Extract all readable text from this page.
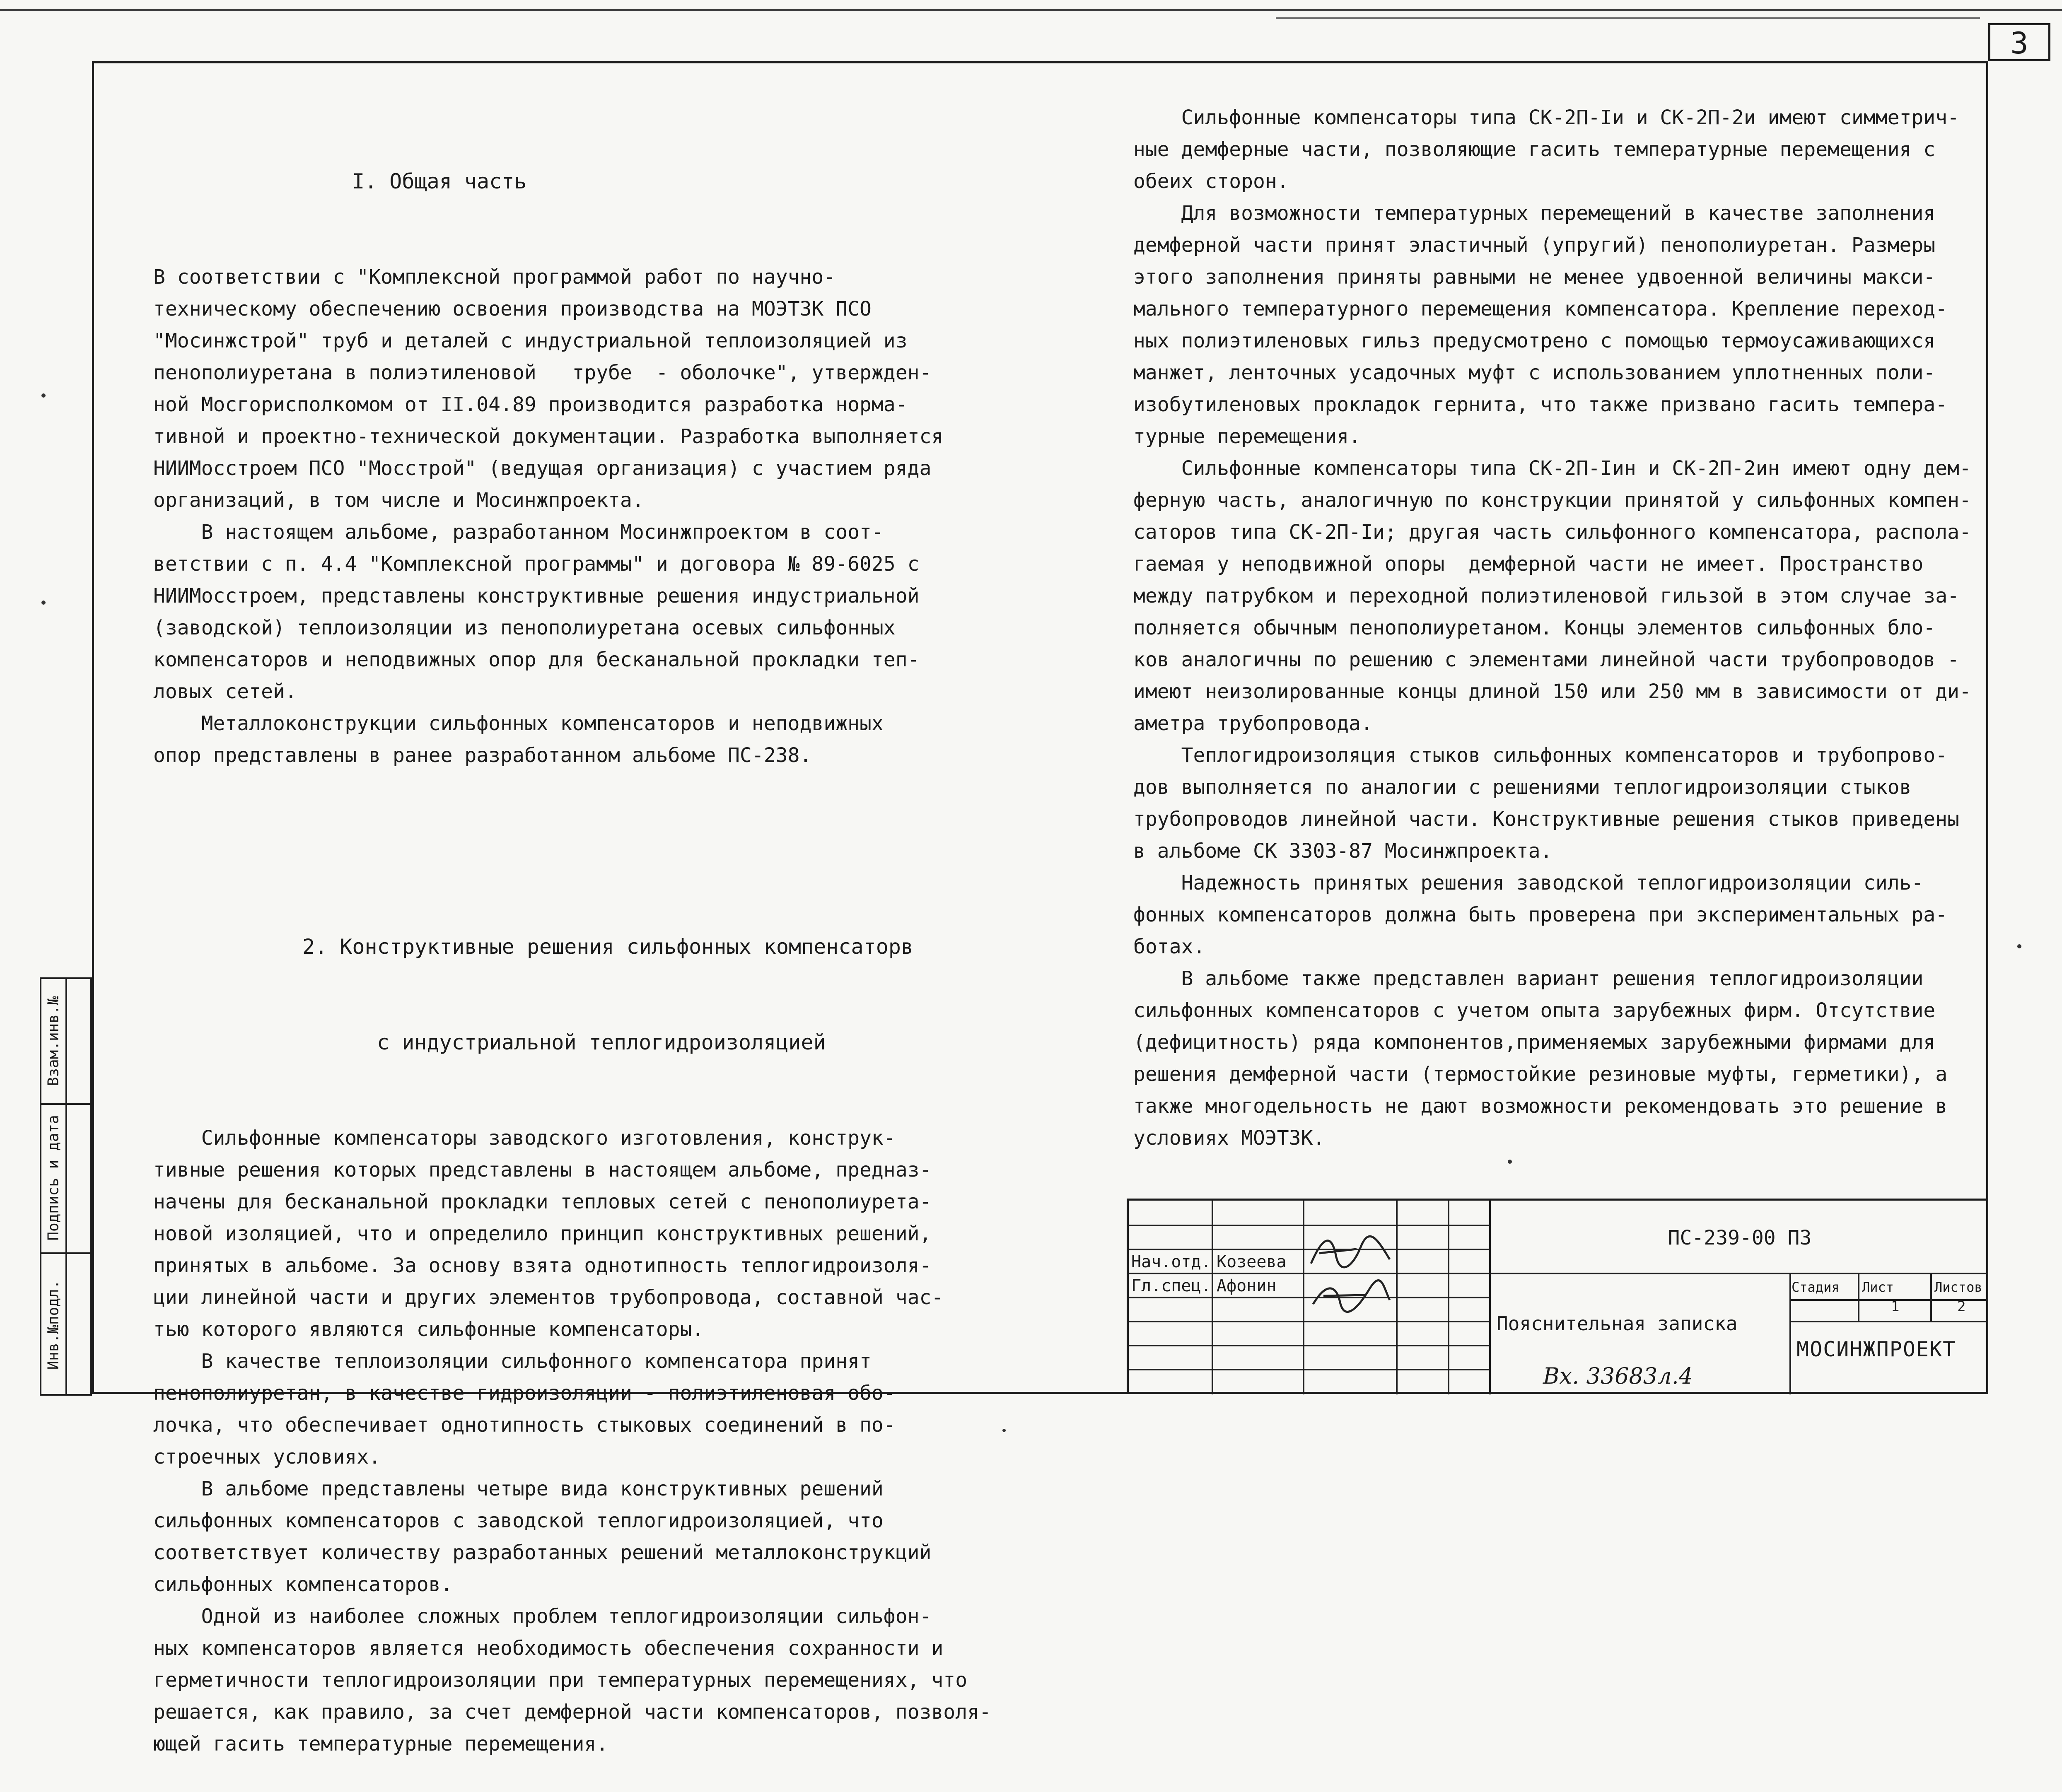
3

I. Общая часть

В соответствии с "Комплексной программой работ по научно-
техническому обеспечению освоения производства на МОЭТЗК ПСО
"Мосинжстрой" труб и деталей с индустриальной теплоизоляцией из
пенополиуретана в полиэтиленовой   трубе  - оболочке", утвержден-
ной Мосгорисполкомом от II.04.89 производится разработка норма-
тивной и проектно-технической документации. Разработка выполняется
НИИМосстроем ПСО "Мосстрой" (ведущая организация) с участием ряда
организаций, в том числе и Мосинжпроекта.
В настоящем альбоме, разработанном Мосинжпроектом в соот-
ветствии с п. 4.4 "Комплексной программы" и договора № 89-6025 с
НИИМосстроем, представлены конструктивные решения индустриальной
(заводской) теплоизоляции из пенополиуретана осевых сильфонных
компенсаторов и неподвижных опор для бесканальной прокладки теп-
ловых сетей.
Металлоконструкции сильфонных компенсаторов и неподвижных
опор представлены в ранее разработанном альбоме ПС-238.

2. Конструктивные решения сильфонных компенсаторв

с индустриальной теплогидроизоляцией

Сильфонные компенсаторы заводского изготовления, конструк-
тивные решения которых представлены в настоящем альбоме, предназ-
начены для бесканальной прокладки тепловых сетей с пенополиурета-
новой изоляцией, что и определило принцип конструктивных решений,
принятых в альбоме. За основу взята однотипность теплогидроизоля-
ции линейной части и других элементов трубопровода, составной час-
тью которого являются сильфонные компенсаторы.
В качестве теплоизоляции сильфонного компенсатора принят
пенополиуретан, в качестве гидроизоляции - полиэтиленовая обо-
лочка, что обеспечивает однотипность стыковых соединений в по-
строечных условиях.
В альбоме представлены четыре вида конструктивных решений
сильфонных компенсаторов с заводской теплогидроизоляцией, что
соответствует количеству разработанных решений металлоконструкций
сильфонных компенсаторов.
Одной из наиболее сложных проблем теплогидроизоляции сильфон-
ных компенсаторов является необходимость обеспечения сохранности и
герметичности теплогидроизоляции при температурных перемещениях, что
решается, как правило, за счет демферной части компенсаторов, позволя-
ющей гасить температурные перемещения.

Сильфонные компенсаторы типа СК-2П-Iи и СК-2П-2и имеют симметрич-
ные демферные части, позволяющие гасить температурные перемещения с
обеих сторон.
Для возможности температурных перемещений в качестве заполнения
демферной части принят эластичный (упругий) пенополиуретан. Размеры
этого заполнения приняты равными не менее удвоенной величины макси-
мального температурного перемещения компенсатора. Крепление переход-
ных полиэтиленовых гильз предусмотрено с помощью термоусаживающихся
манжет, ленточных усадочных муфт с использованием уплотненных поли-
изобутиленовых прокладок гернита, что также призвано гасить темпера-
турные перемещения.
Сильфонные компенсаторы типа СК-2П-Iин и СК-2П-2ин имеют одну дем-
ферную часть, аналогичную по конструкции принятой у сильфонных компен-
саторов типа СК-2П-Iи; другая часть сильфонного компенсатора, распола-
гаемая у неподвижной опоры  демферной части не имеет. Пространство
между патрубком и переходной полиэтиленовой гильзой в этом случае за-
полняется обычным пенополиуретаном. Концы элементов сильфонных бло-
ков аналогичны по решению с элементами линейной части трубопроводов -
имеют неизолированные концы длиной 150 или 250 мм в зависимости от ди-
аметра трубопровода.
Теплогидроизоляция стыков сильфонных компенсаторов и трубопрово-
дов выполняется по аналогии с решениями теплогидроизоляции стыков
трубопроводов линейной части. Конструктивные решения стыков приведены
в альбоме СК 3303-87 Мосинжпроекта.
Надежность принятых решения заводской теплогидроизоляции силь-
фонных компенсаторов должна быть проверена при экспериментальных ра-
ботах.
В альбоме также представлен вариант решения теплогидроизоляции
сильфонных компенсаторов с учетом опыта зарубежных фирм. Отсутствие
(дефицитность) ряда компонентов,применяемых зарубежными фирмами для
решения демферной части (термостойкие резиновые муфты, герметики), а
также многодельность не дают возможности рекомендовать это решение в
условиях МОЭТЗК.
Взам.инв.№
Подпись и дата
Инв.№подл.
ПС-239-00 ПЗ
Нач.отд. Козеева
Гл.спец. Афонин
Пояснительная записка
Стадия Лист	Листов
1	2
МОСИНЖПРОЕКТ
Вх. 33683л.4
